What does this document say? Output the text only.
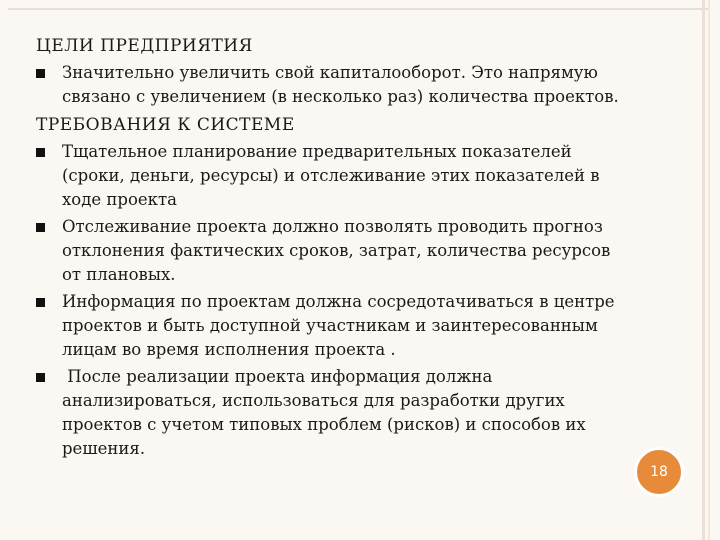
ЦЕЛИ ПРЕДПРИЯТИЯ
Значительно увеличить свой капиталооборот. Это напрямую
связано с увеличением (в несколько раз) количества проектов.
ТРЕБОВАНИЯ К СИСТЕМЕ
Тщательное планирование предварительных показателей
(сроки, деньги, ресурсы) и отслеживание этих показателей в
ходе проекта
Отслеживание проекта должно позволять проводить прогноз
отклонения фактических сроков, затрат, количества ресурсов
от плановых.
Информация по проектам должна сосредотачиваться в центре
проектов и быть доступной участникам и заинтересованным
лицам во время исполнения проекта .
После реализации проекта информация должна
анализироваться, использоваться для разработки других
проектов с учетом типовых проблем (рисков) и способов их
решения.
18
